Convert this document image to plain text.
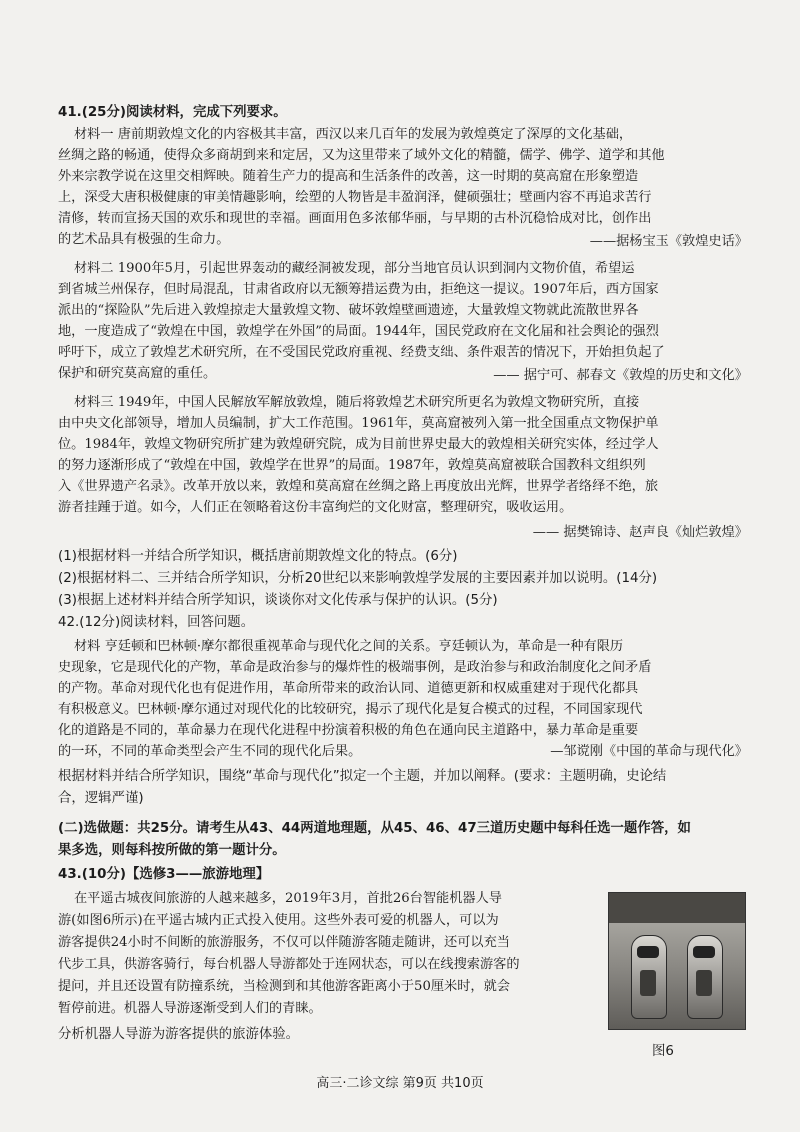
41.(25分)阅读材料，完成下列要求。
材料一 唐前期敦煌文化的内容极其丰富，西汉以来几百年的发展为敦煌奠定了深厚的文化基础，
丝绸之路的畅通，使得众多商胡到来和定居，又为这里带来了域外文化的精髓，儒学、佛学、道学和其他
外来宗教学说在这里交相辉映。随着生产力的提高和生活条件的改善，这一时期的莫高窟在形象塑造
上，深受大唐积极健康的审美情趣影响，绘塑的人物皆是丰盈润泽，健硕强壮；壁画内容不再追求苦行
清修，转而宣扬天国的欢乐和现世的幸福。画面用色多浓郁华丽，与早期的古朴沉稳恰成对比，创作出
的艺术品具有极强的生命力。	——据杨宝玉《敦煌史话》
材料二 1900年5月，引起世界轰动的藏经洞被发现，部分当地官员认识到洞内文物价值，希望运
到省城兰州保存，但时局混乱，甘肃省政府以无额筹措运费为由，拒绝这一提议。1907年后，西方国家
派出的“探险队”先后进入敦煌掠走大量敦煌文物、破坏敦煌壁画遗迹，大量敦煌文物就此流散世界各
地，一度造成了“敦煌在中国，敦煌学在外国”的局面。1944年，国民党政府在文化届和社会舆论的强烈
呼吁下，成立了敦煌艺术研究所，在不受国民党政府重视、经费支绌、条件艰苦的情况下，开始担负起了
保护和研究莫高窟的重任。	—— 据宁可、郝春文《敦煌的历史和文化》
材料三 1949年，中国人民解放军解放敦煌，随后将敦煌艺术研究所更名为敦煌文物研究所，直接
由中央文化部领导，增加人员编制，扩大工作范围。1961年，莫高窟被列入第一批全国重点文物保护单
位。1984年，敦煌文物研究所扩建为敦煌研究院，成为目前世界史最大的敦煌相关研究实体，经过学人
的努力逐渐形成了“敦煌在中国，敦煌学在世界”的局面。1987年，敦煌莫高窟被联合国教科文组织列
入《世界遗产名录》。改革开放以来，敦煌和莫高窟在丝绸之路上再度放出光辉，世界学者络绎不绝，旅
游者挂踵于道。如今，人们正在领略着这份丰富绚烂的文化财富，整理研究，吸收运用。
—— 据樊锦诗、赵声良《灿烂敦煌》
(1)根据材料一并结合所学知识，概括唐前期敦煌文化的特点。(6分)
(2)根据材料二、三并结合所学知识，分析20世纪以来影响敦煌学发展的主要因素并加以说明。(14分)
(3)根据上述材料并结合所学知识，谈谈你对文化传承与保护的认识。(5分)
42.(12分)阅读材料，回答问题。
材料 亨廷顿和巴林顿·摩尔都很重视革命与现代化之间的关系。亨廷顿认为，革命是一种有限历
史现象，它是现代化的产物，革命是政治参与的爆炸性的极端事例，是政治参与和政治制度化之间矛盾
的产物。革命对现代化也有促进作用，革命所带来的政治认同、道德更新和权威重建对于现代化都具
有积极意义。巴林顿·摩尔通过对现代化的比较研究，揭示了现代化是复合模式的过程，不同国家现代
化的道路是不同的，革命暴力在现代化进程中扮演着积极的角色在通向民主道路中，暴力革命是重要
的一环，不同的革命类型会产生不同的现代化后果。	—邹谠刚《中国的革命与现代化》
根据材料并结合所学知识，围绕“革命与现代化”拟定一个主题，并加以阐释。(要求：主题明确，史论结
合，逻辑严谨)
(二)选做题：共25分。请考生从43、44两道地理题，从45、46、47三道历史题中每科任选一题作答，如
果多选，则每科按所做的第一题计分。
43.(10分)【选修3——旅游地理】
在平遥古城夜间旅游的人越来越多，2019年3月，首批26台智能机器人导
游(如图6所示)在平遥古城内正式投入使用。这些外表可爱的机器人，可以为
游客提供24小时不间断的旅游服务，不仅可以伴随游客随走随讲，还可以充当
代步工具，供游客骑行，每台机器人导游都处于连网状态，可以在线搜索游客的
提问，并且还设置有防撞系统，当检测到和其他游客距离小于50厘米时，就会
暂停前进。机器人导游逐渐受到人们的青睐。
分析机器人导游为游客提供的旅游体验。
图6
高三·二诊文综 第9页 共10页
